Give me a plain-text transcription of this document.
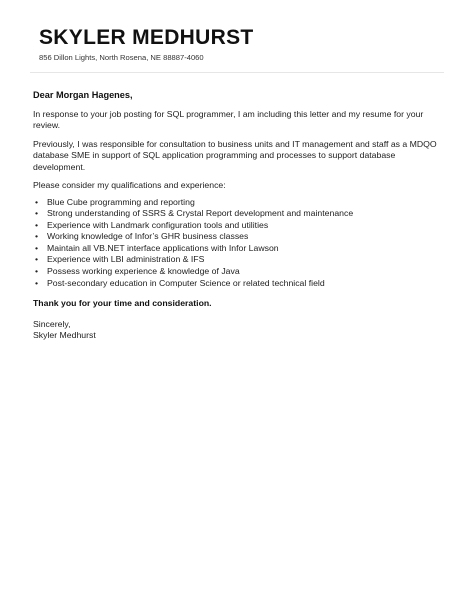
SKYLER MEDHURST
856 Dillon Lights, North Rosena, NE 88887-4060

Dear Morgan Hagenes,

In response to your job posting for SQL programmer, I am including this letter and my resume for your review.

Previously, I was responsible for consultation to business units and IT management and staff as a MDQO database SME in support of SQL application programming and processes to support database development.

Please consider my qualifications and experience:

• Blue Cube programming and reporting
• Strong understanding of SSRS & Crystal Report development and maintenance
• Experience with Landmark configuration tools and utilities
• Working knowledge of Infor’s GHR business classes
• Maintain all VB.NET interface applications with Infor Lawson
• Experience with LBI administration & IFS
• Possess working experience & knowledge of Java
• Post-secondary education in Computer Science or related technical field

Thank you for your time and consideration.

Sincerely,

Skyler Medhurst
